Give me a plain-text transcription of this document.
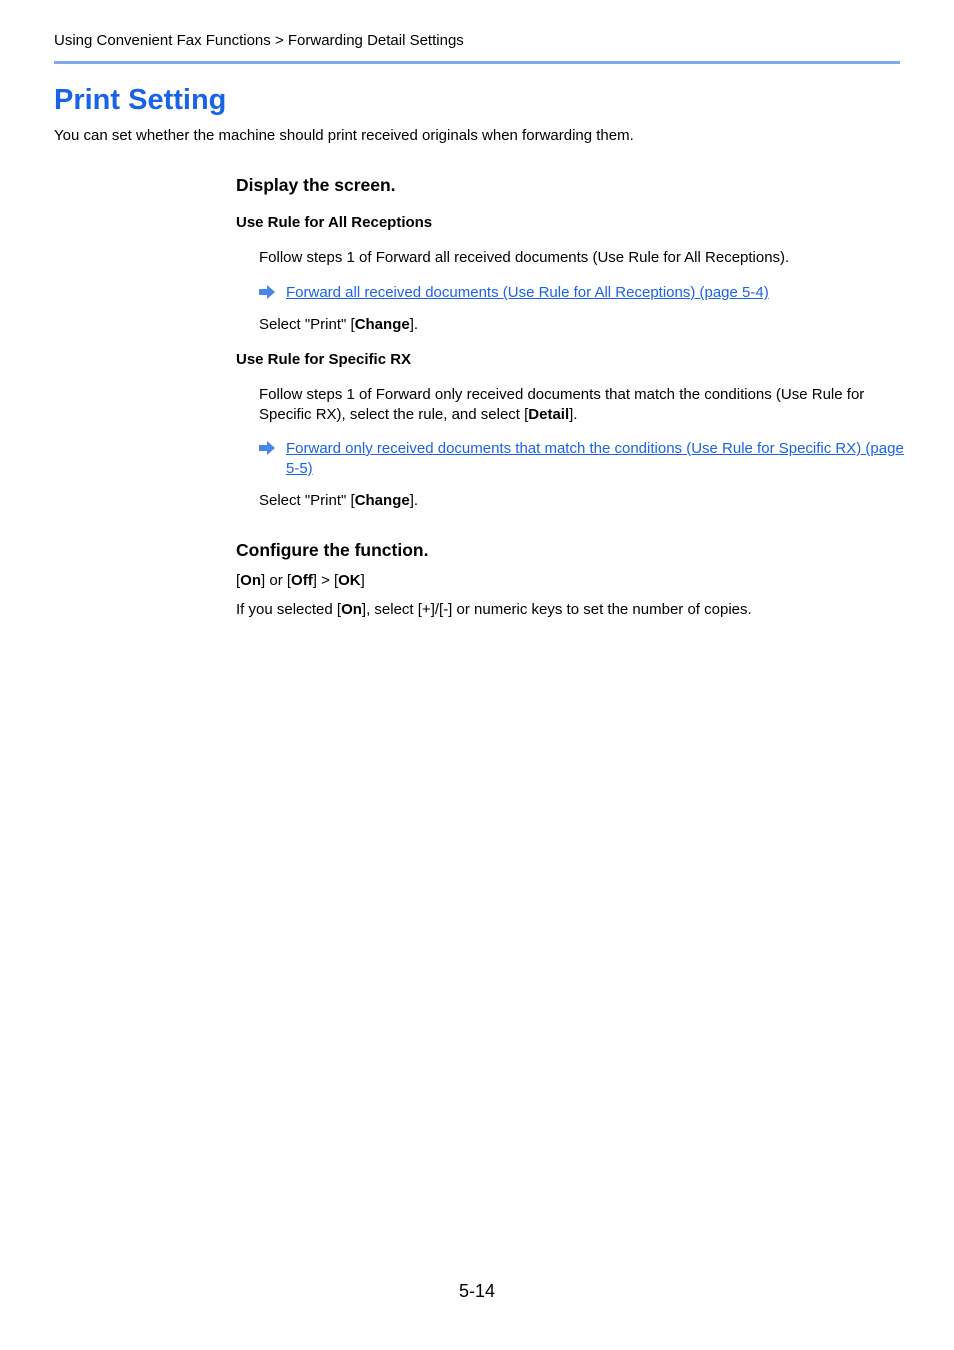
Using Convenient Fax Functions > Forwarding Detail Settings
Print Setting
You can set whether the machine should print received originals when forwarding them.
Display the screen.
Use Rule for All Receptions

Follow steps 1 of Forward all received documents (Use Rule for All Receptions).

Forward all received documents (Use Rule for All Receptions) (page 5-4)

Select "Print" [Change].

Use Rule for Specific RX

Follow steps 1 of Forward only received documents that match the conditions (Use Rule for Specific RX), select the rule, and select [Detail].

Forward only received documents that match the conditions (Use Rule for Specific RX) (page 5-5)

Select "Print" [Change].

Configure the function.

[On] or [Off] > [OK]

If you selected [On], select [+]/[-] or numeric keys to set the number of copies.

5-14
